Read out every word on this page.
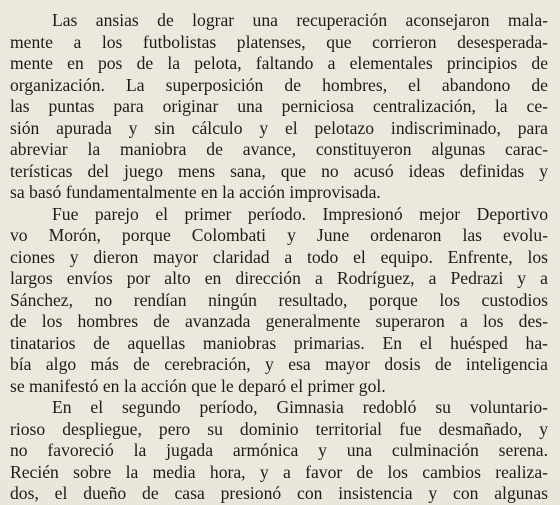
Las ansias de lograr una recuperación aconsejaron mala-
mente a los futbolistas platenses, que corrieron desesperada-
mente en pos de la pelota, faltando a elementales principios de
organización. La superposición de hombres, el abandono de
las puntas para originar una perniciosa centralización, la ce-
sión apurada y sin cálculo y el pelotazo indiscriminado, para
abreviar la maniobra de avance, constituyeron algunas carac-
terísticas del juego mens sana, que no acusó ideas definidas y
sa basó fundamentalmente en la acción improvisada.
Fue parejo el primer período. Impresionó mejor Deportivo
vo Morón, porque Colombati y June ordenaron las evolu-
ciones y dieron mayor claridad a todo el equipo. Enfrente, los
largos envíos por alto en dirección a Rodríguez, a Pedrazi y a
Sánchez, no rendían ningún resultado, porque los custodios
de los hombres de avanzada generalmente superaron a los des-
tinatarios de aquellas maniobras primarias. En el huésped ha-
bía algo más de cerebración, y esa mayor dosis de inteligencia
se manifestó en la acción que le deparó el primer gol.
En el segundo período, Gimnasia redobló su voluntario-
rioso despliegue, pero su dominio territorial fue desmañado, y
no favoreció la jugada armónica y una culminación serena.
Recién sobre la media hora, y a favor de los cambios realiza-
dos, el dueño de casa presionó con insistencia y con algunas
